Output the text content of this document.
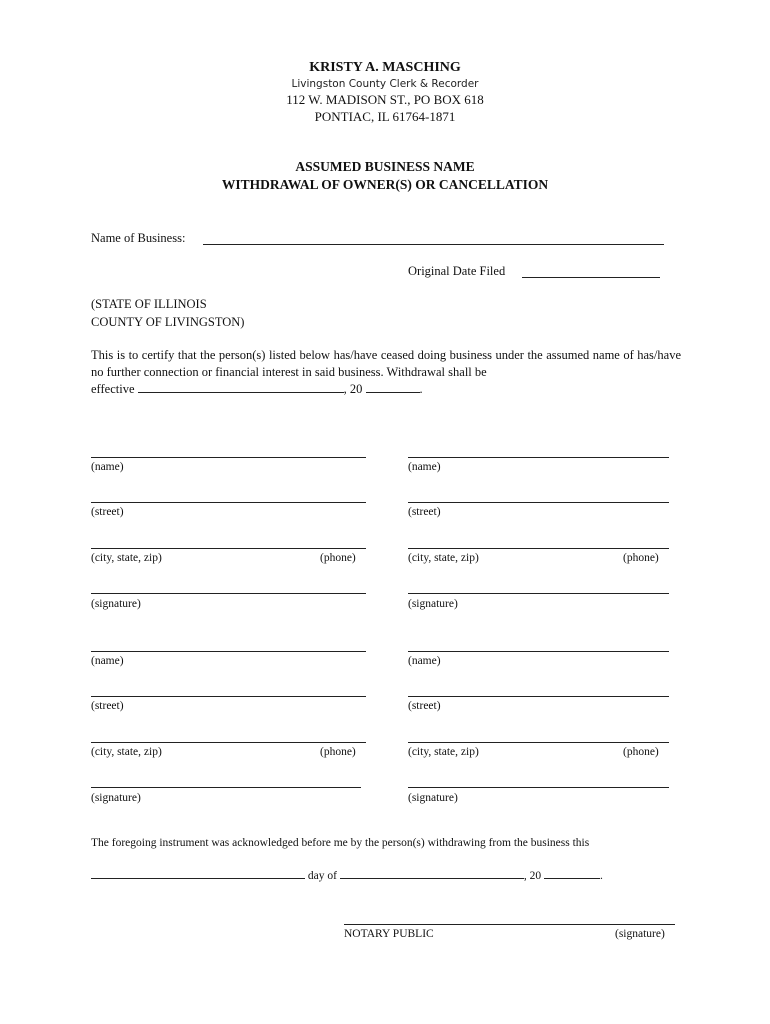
KRISTY A. MASCHING
Livingston County Clerk & Recorder
112 W. MADISON ST., PO BOX 618
PONTIAC, IL 61764-1871
ASSUMED BUSINESS NAME
WITHDRAWAL OF OWNER(S) OR CANCELLATION
Name of Business:
Original Date Filed
(STATE OF ILLINOIS
COUNTY OF LIVINGSTON)
This is to certify that the person(s) listed below has/have ceased doing business under the assumed name of has/have no further connection or financial interest in said business. Withdrawal shall be
effective	, 20	.
(name)
(street)
(city, state, zip)	(phone)
(signature)
(name)
(street)
(city, state, zip)	(phone)
(signature)
(name)
(street)
(city, state, zip)	(phone)
(signature)
(name)
(street)
(city, state, zip)	(phone)
(signature)
The foregoing instrument was acknowledged before me by the person(s) withdrawing from the business this
day of	, 20	.
NOTARY PUBLIC	(signature)
